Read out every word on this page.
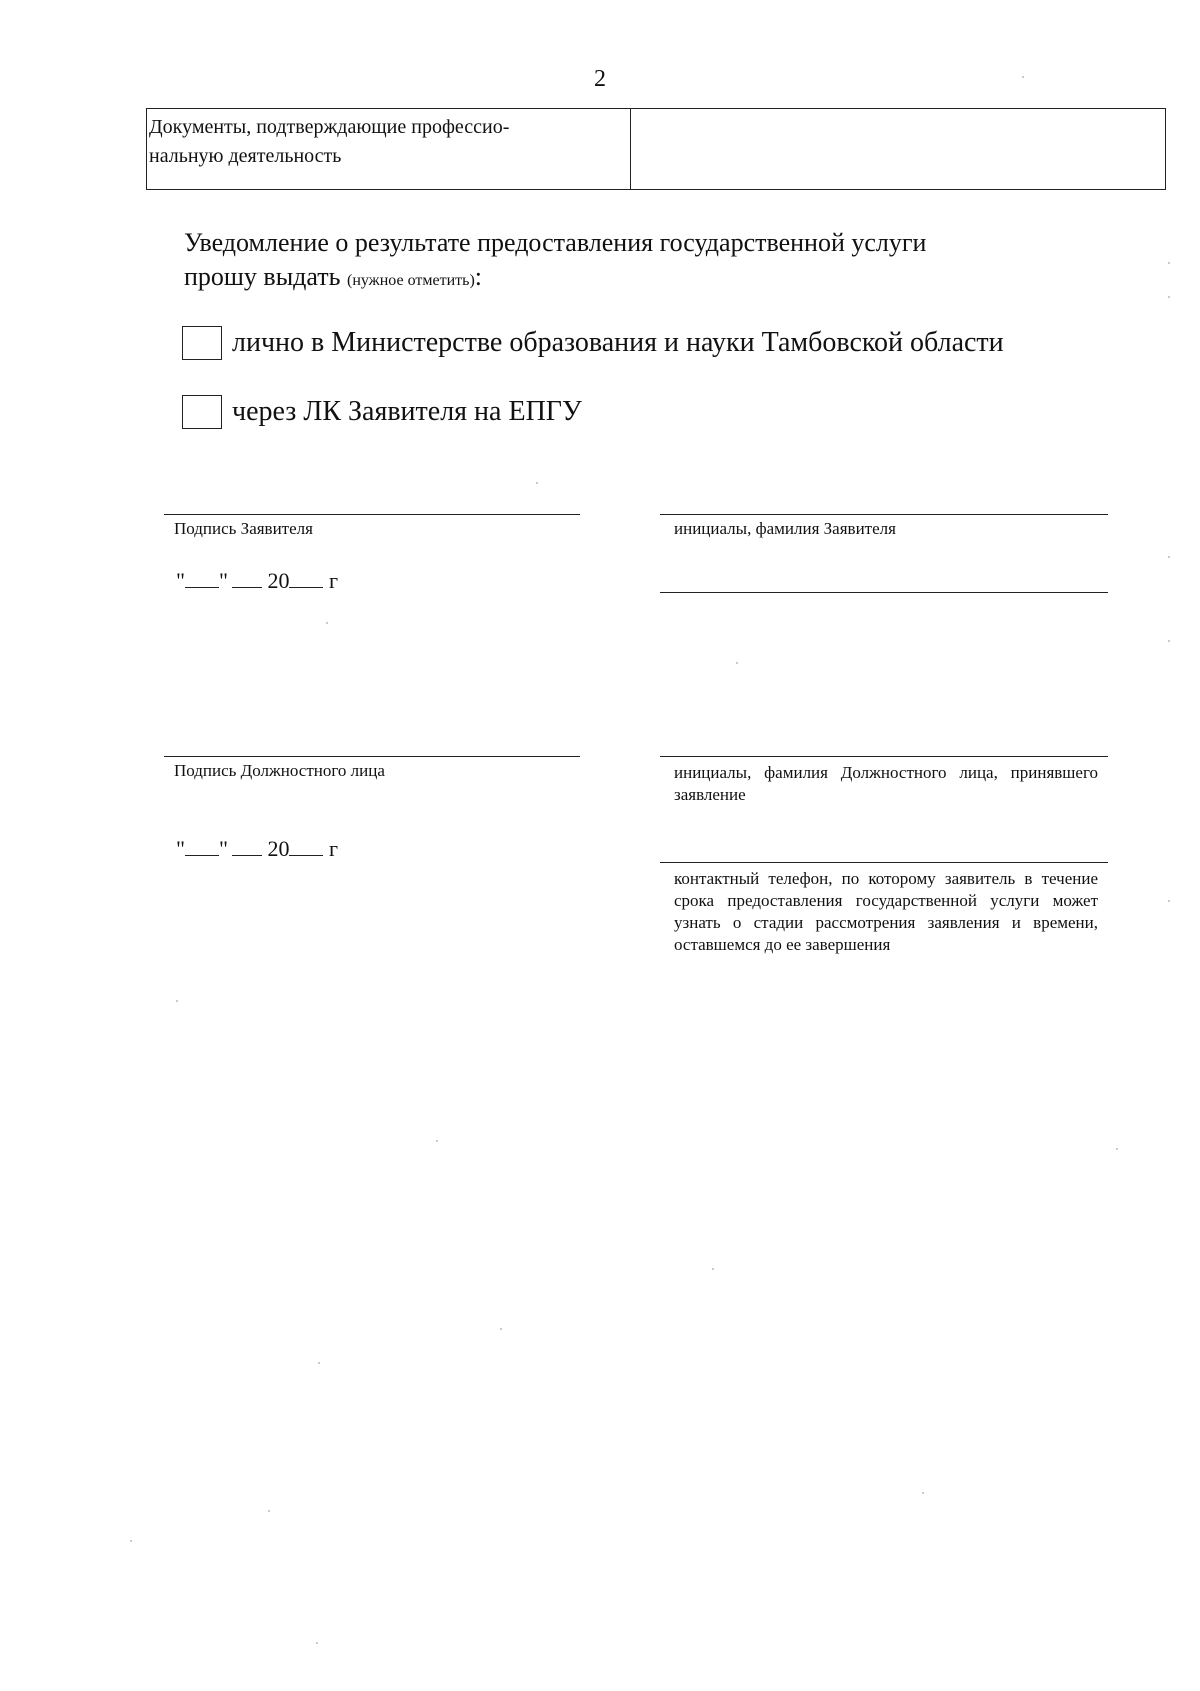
2
Документы, подтверждающие профессио-
нальную деятельность
Уведомление о результате предоставления государственной услуги
прошу выдать (нужное отметить):
лично в Министерстве образования и науки Тамбовской области
через ЛК Заявителя на ЕПГУ
Подпись Заявителя	инициалы, фамилия Заявителя
" " 20 г
Подпись Должностного лица	инициалы, фамилия Должностного лица, принявшего заявление
" " 20 г
контактный телефон, по которому заявитель в течение срока предоставления государственной услуги может узнать о стадии рассмотрения заявления и времени, оставшемся до ее завершения
